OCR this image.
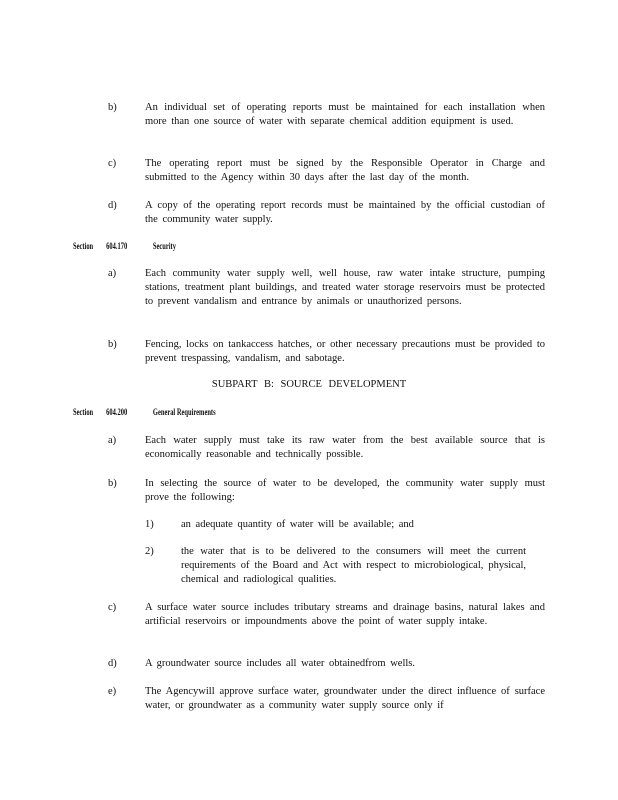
b)	An individual set of operating reports must be maintained for each installation when more than one source of water with separate chemical addition equipment is used.
c)	The operating report must be signed by the Responsible Operator in Charge and submitted to the Agency within 30 days after the last day of the month.
d)	A copy of the operating report records must be maintained by the official custodian of the community water supply.
Section 604.170	Security
a)	Each community water supply well, well house, raw water intake structure, pumping stations, treatment plant buildings, and treated water storage reservoirs must be protected to prevent vandalism and entrance by animals or unauthorized persons.
b)	Fencing, locks on tankaccess hatches, or other necessary precautions must be provided to prevent trespassing, vandalism, and sabotage.
SUBPART B: SOURCE DEVELOPMENT
Section 604.200	General Requirements
a)	Each water supply must take its raw water from the best available source that is economically reasonable and technically possible.
b)	In selecting the source of water to be developed, the community water supply must prove the following:
1)	an adequate quantity of water will be available; and
2)	the water that is to be delivered to the consumers will meet the current requirements of the Board and Act with respect to microbiological, physical, chemical and radiological qualities.
c)	A surface water source includes tributary streams and drainage basins, natural lakes and artificial reservoirs or impoundments above the point of water supply intake.
d)	A groundwater source includes all water obtainedfrom wells.
e)	The Agencywill approve surface water, groundwater under the direct influence of surface water, or groundwater as a community water supply source only if
